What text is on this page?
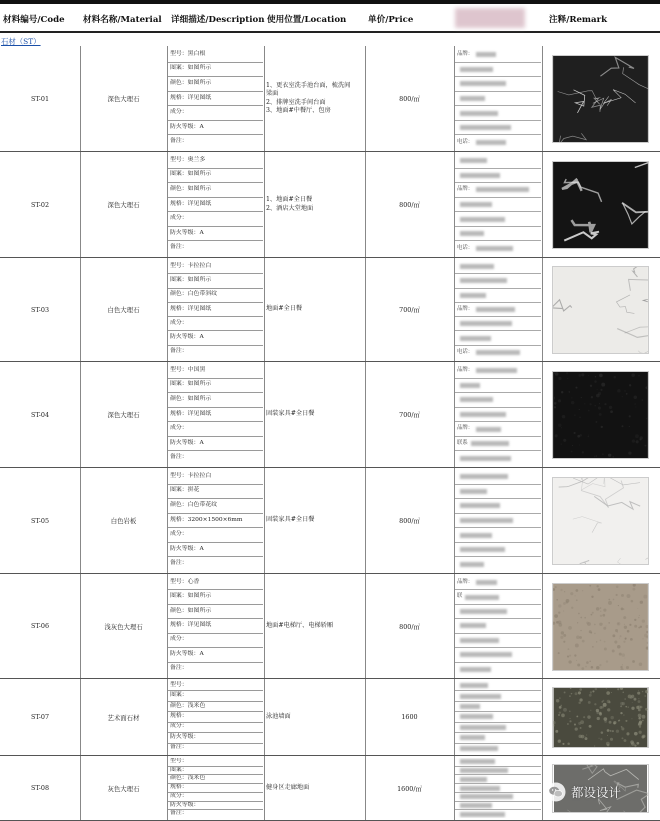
材料编号/Code	材料名称/Material	详细描述/Description 使用位置/Location	单价/Price	注释/Remark
石材（ST）
ST-01	深色大理石
型号：黑白根
图案：如图所示
颜色：如图所示
规格：详见图纸
成分：
防火等级：A
备注：
1、更衣室洗手池台面，梳洗间
梁面
2、排牌室洗手间台面
3、地面#中餐厅、包房
800/㎡
品牌：
电话：
ST-02	深色大理石
型号：奥兰多
图案：如图所示
颜色：如图所示
规格：详见图纸
成分：
防火等级：A
备注：
1、地面#全日餐
2、酒店大堂地面	800/㎡
品牌：
电话：
ST-03	白色大理石
型号：卡拉拉白
图案：如图所示
颜色：白色带斜纹
规格：详见图纸
成分：
防火等级：A
备注：
地面#全日餐	700/㎡	品牌：
电话：
ST-04	深色大理石
型号：中国黑
图案：如图所示
颜色：如图所示
规格：详见图纸
成分：
防火等级：A
备注：
固装家具#全日餐	700/㎡
品牌：
品牌：
联系
ST-05	白色岩板
型号：卡拉拉白
图案：拼花
颜色：白色带花纹
规格：3200×1500×6mm
成分：
防火等级：A
备注：
固装家具#全日餐	800/㎡
ST-06	浅灰色大理石
型号：心香
图案：如图所示
颜色：如图所示
规格：详见图纸
成分：
防火等级：A
备注：
地面#电梯厅、电梯轿厢	800/㎡
品牌：
联
ST-07	艺术面石材
型号：
图案：
颜色：浅米色
规格：
成分：
防火等级：
备注：
泳池墙面	1600
ST-08	灰色大理石
型号：
图案：
颜色：浅米色
规格：
成分：
防火等级：
备注：
健身区走廊地面	1600/㎡	都设设计
